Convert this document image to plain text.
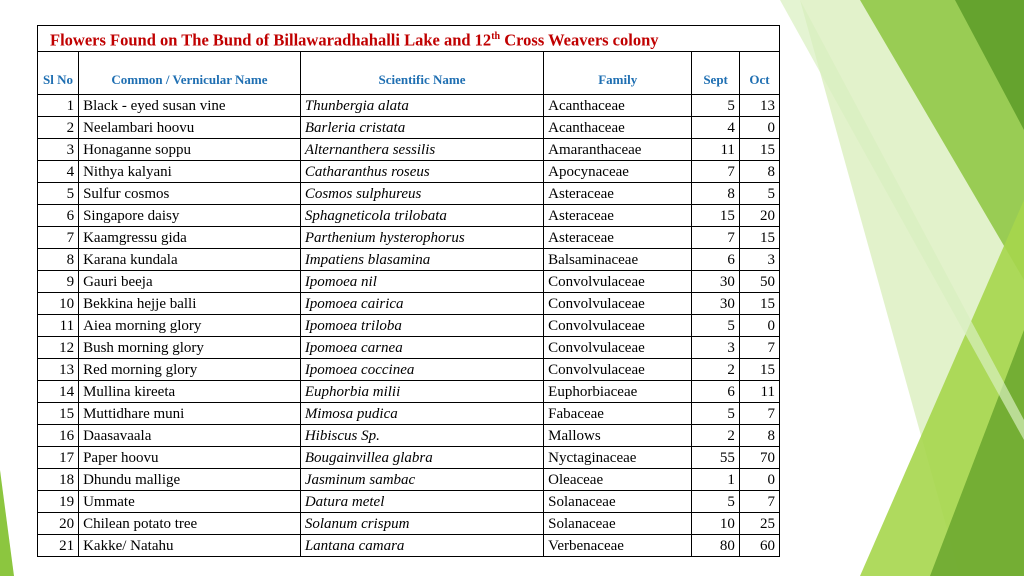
Flowers Found on The Bund of Billawaradhahalli Lake and 12th Cross Weavers colony					
Sl No	Common / Vernicular Name	Scientific Name	Family	Sept	Oct
1	Black - eyed susan vine	Thunbergia alata	Acanthaceae	5	13
2	Neelambari hoovu	Barleria cristata	Acanthaceae	4	0
3	Honaganne soppu	Alternanthera sessilis	Amaranthaceae	11	15
4	Nithya kalyani	Catharanthus roseus	Apocynaceae	7	8
5	Sulfur cosmos	Cosmos sulphureus	Asteraceae	8	5
6	Singapore daisy	Sphagneticola trilobata	Asteraceae	15	20
7	Kaamgressu gida	Parthenium hysterophorus	Asteraceae	7	15
8	Karana kundala	Impatiens blasamina	Balsaminaceae	6	3
9	Gauri beeja	Ipomoea nil	Convolvulaceae	30	50
10	Bekkina hejje balli	Ipomoea cairica	Convolvulaceae	30	15
11	Aiea morning glory	Ipomoea triloba	Convolvulaceae	5	0
12	Bush morning glory	Ipomoea carnea	Convolvulaceae	3	7
13	Red morning glory	Ipomoea coccinea	Convolvulaceae	2	15
14	Mullina kireeta	Euphorbia milii	Euphorbiaceae	6	11
15	Muttidhare muni	Mimosa pudica	Fabaceae	5	7
16	Daasavaala	Hibiscus Sp.	Mallows	2	8
17	Paper hoovu	Bougainvillea glabra	Nyctaginaceae	55	70
18	Dhundu mallige	Jasminum sambac	Oleaceae	1	0
19	Ummate	Datura metel	Solanaceae	5	7
20	Chilean potato tree	Solanum crispum	Solanaceae	10	25
21	Kakke/ Natahu	Lantana camara	Verbenaceae	80	60
